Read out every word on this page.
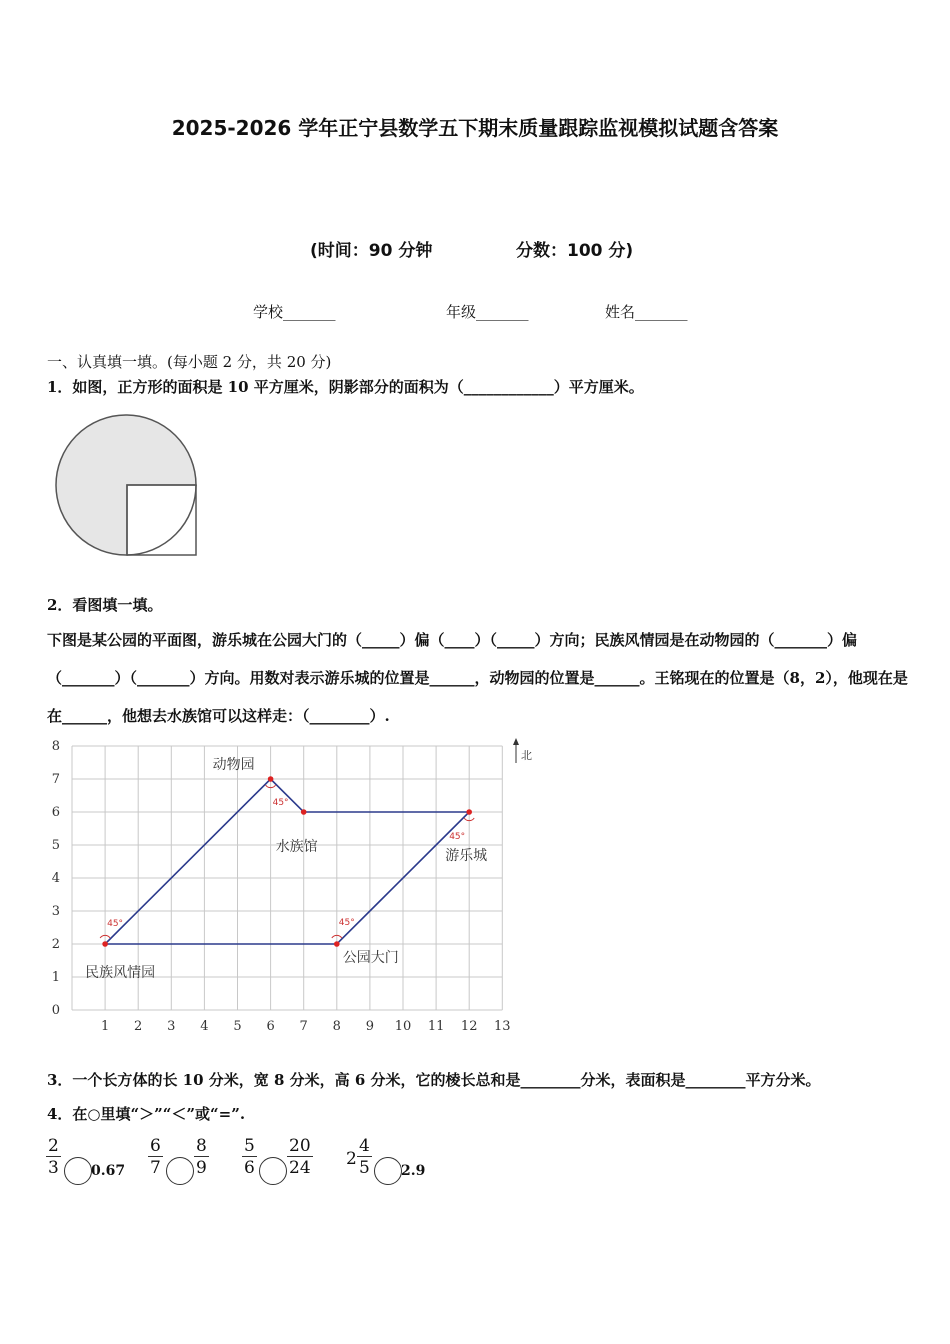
2025-2026 学年正宁县数学五下期末质量跟踪监视模拟试题含答案
(时间：90 分钟	分数：100 分)
学校_______	年级_______	姓名_______
一、认真填一填。(每小题 2 分，共 20 分)
1．如图，正方形的面积是 10 平方厘米，阴影部分的面积为（____________）平方厘米。
2．看图填一填。
下图是某公园的平面图，游乐城在公园大门的（_____）偏（____）（_____）方向；民族风情园是在动物园的（_______）偏（_______）（_______）方向。用数对表示游乐城的位置是______，动物园的位置是______。王铭现在的位置是（8，2），他现在是在______，他想去水族馆可以这样走：（________）.
1 2 3 4 5 6 7 8 9 10 11 12 13
0
1
2
3
4
5
6
7
8
民族风情园
动物园
水族馆
游乐城
公园大门
45°
45°
45°
45°
北
3．一个长方体的长 10 分米，宽 8 分米，高 6 分米，它的棱长总和是________分米，表面积是________平方分米。
4．在○里填“＞”“＜”或“=”.
$\frac{2}{3} 0.67 \frac{6}{7} \frac{8}{9} \frac{5}{6} \frac{20}{24} 2 \frac{4}{5} 2.9$
